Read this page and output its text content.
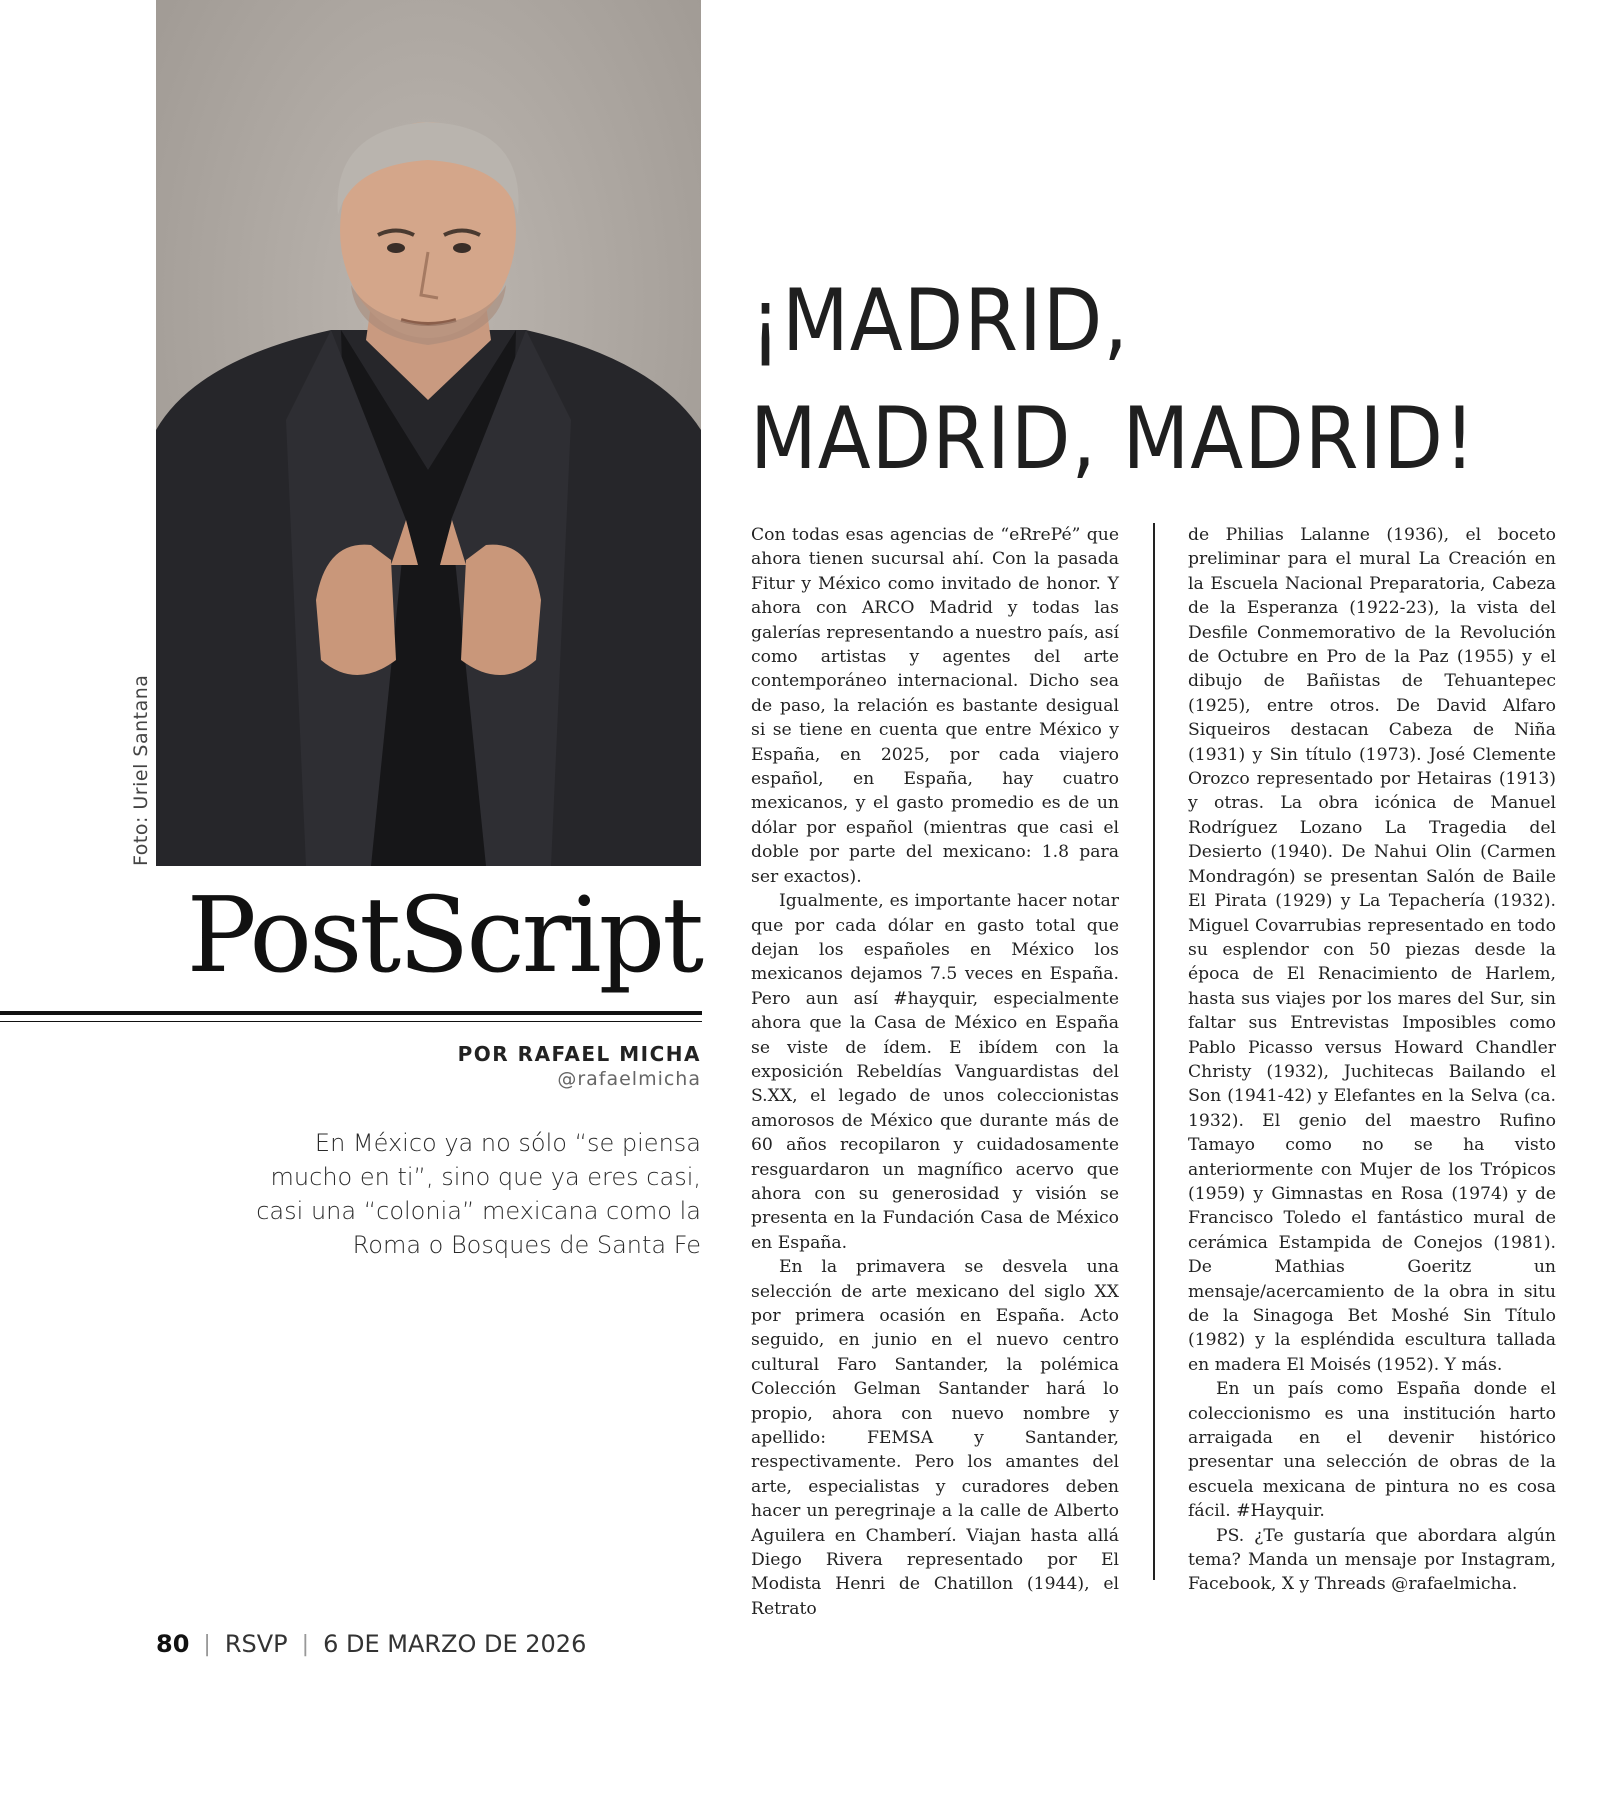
Foto: Uriel Santana
PostScript
POR RAFAEL MICHA
@rafaelmicha
En México ya no sólo “se piensa mucho en ti”, sino que ya eres casi, casi una “colonia” mexicana como la Roma o Bosques de Santa Fe
¡MADRID,
MADRID, MADRID!

Con todas esas agencias de “eRrePé” que ahora tienen sucursal ahí. Con la pasada Fitur y México como invitado de honor. Y ahora con ARCO Madrid y todas las galerías representando a nuestro país, así como artistas y agentes del arte contemporáneo internacional. Dicho sea de paso, la relación es bastante desigual si se tiene en cuenta que entre México y España, en 2025, por cada viajero español, en España, hay cuatro mexicanos, y el gasto promedio es de un dólar por español (mientras que casi el doble por parte del mexicano: 1.8 para ser exactos).

Igualmente, es importante hacer notar que por cada dólar en gasto total que dejan los españoles en México los mexicanos dejamos 7.5 veces en España. Pero aun así #hayquir, especialmente ahora que la Casa de México en España se viste de ídem. E ibídem con la exposición Rebeldías Vanguardistas del S.XX, el legado de unos coleccionistas amorosos de México que durante más de 60 años recopilaron y cuidadosamente resguardaron un magnífico acervo que ahora con su generosidad y visión se presenta en la Fundación Casa de México en España.

En la primavera se desvela una selección de arte mexicano del siglo XX por primera ocasión en España. Acto seguido, en junio en el nuevo centro cultural Faro Santander, la polémica Colección Gelman Santander hará lo propio, ahora con nuevo nombre y apellido: FEMSA y Santander, respectivamente. Pero los amantes del arte, especialistas y curadores deben hacer un peregrinaje a la calle de Alberto Aguilera en Chamberí. Viajan hasta allá Diego Rivera representado por El Modista Henri de Chatillon (1944), el Retrato

de Philias Lalanne (1936), el boceto preliminar para el mural La Creación en la Escuela Nacional Preparatoria, Cabeza de la Esperanza (1922-23), la vista del Desfile Conmemorativo de la Revolución de Octubre en Pro de la Paz (1955) y el dibujo de Bañistas de Tehuantepec (1925), entre otros. De David Alfaro Siqueiros destacan Cabeza de Niña (1931) y Sin título (1973). José Clemente Orozco representado por Hetairas (1913) y otras. La obra icónica de Manuel Rodríguez Lozano La Tragedia del Desierto (1940). De Nahui Olin (Carmen Mondragón) se presentan Salón de Baile El Pirata (1929) y La Tepachería (1932). Miguel Covarrubias representado en todo su esplendor con 50 piezas desde la época de El Renacimiento de Harlem, hasta sus viajes por los mares del Sur, sin faltar sus Entrevistas Imposibles como Pablo Picasso versus Howard Chandler Christy (1932), Juchitecas Bailando el Son (1941-42) y Elefantes en la Selva (ca. 1932). El genio del maestro Rufino Tamayo como no se ha visto anteriormente con Mujer de los Trópicos (1959) y Gimnastas en Rosa (1974) y de Francisco Toledo el fantástico mural de cerámica Estampida de Conejos (1981). De Mathias Goeritz un mensaje/acercamiento de la obra in situ de la Sinagoga Bet Moshé Sin Título (1982) y la espléndida escultura tallada en madera El Moisés (1952). Y más.

En un país como España donde el coleccionismo es una institución harto arraigada en el devenir histórico presentar una selección de obras de la escuela mexicana de pintura no es cosa fácil. #Hayquir.

PS. ¿Te gustaría que abordara algún tema? Manda un mensaje por Instagram, Facebook, X y Threads @rafaelmicha.

80 | RSVP | 6 DE MARZO DE 2026
